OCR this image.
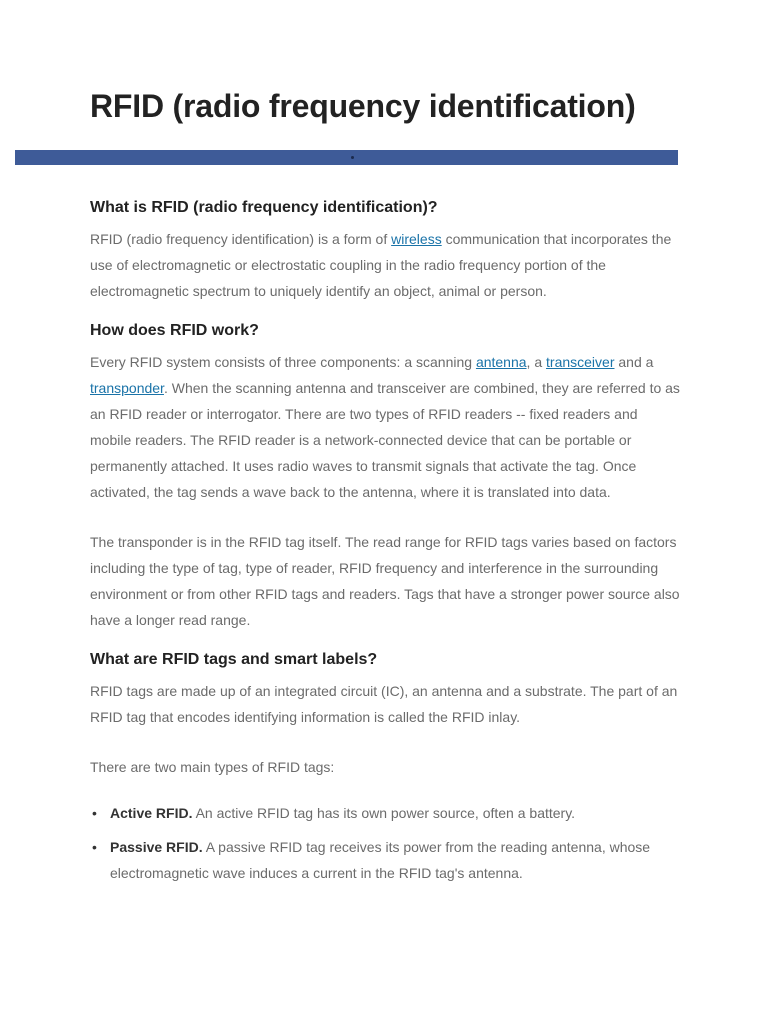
RFID (radio frequency identification)
What is RFID (radio frequency identification)?

RFID (radio frequency identification) is a form of wireless communication that incorporates the use of electromagnetic or electrostatic coupling in the radio frequency portion of the electromagnetic spectrum to uniquely identify an object, animal or person.

How does RFID work?

Every RFID system consists of three components: a scanning antenna, a transceiver and a transponder. When the scanning antenna and transceiver are combined, they are referred to as an RFID reader or interrogator. There are two types of RFID readers -- fixed readers and mobile readers. The RFID reader is a network-connected device that can be portable or permanently attached. It uses radio waves to transmit signals that activate the tag. Once activated, the tag sends a wave back to the antenna, where it is translated into data.

The transponder is in the RFID tag itself. The read range for RFID tags varies based on factors including the type of tag, type of reader, RFID frequency and interference in the surrounding environment or from other RFID tags and readers. Tags that have a stronger power source also have a longer read range.

What are RFID tags and smart labels?

RFID tags are made up of an integrated circuit (IC), an antenna and a substrate. The part of an RFID tag that encodes identifying information is called the RFID inlay.

There are two main types of RFID tags:

• Active RFID. An active RFID tag has its own power source, often a battery.
• Passive RFID. A passive RFID tag receives its power from the reading antenna, whose electromagnetic wave induces a current in the RFID tag's antenna.
